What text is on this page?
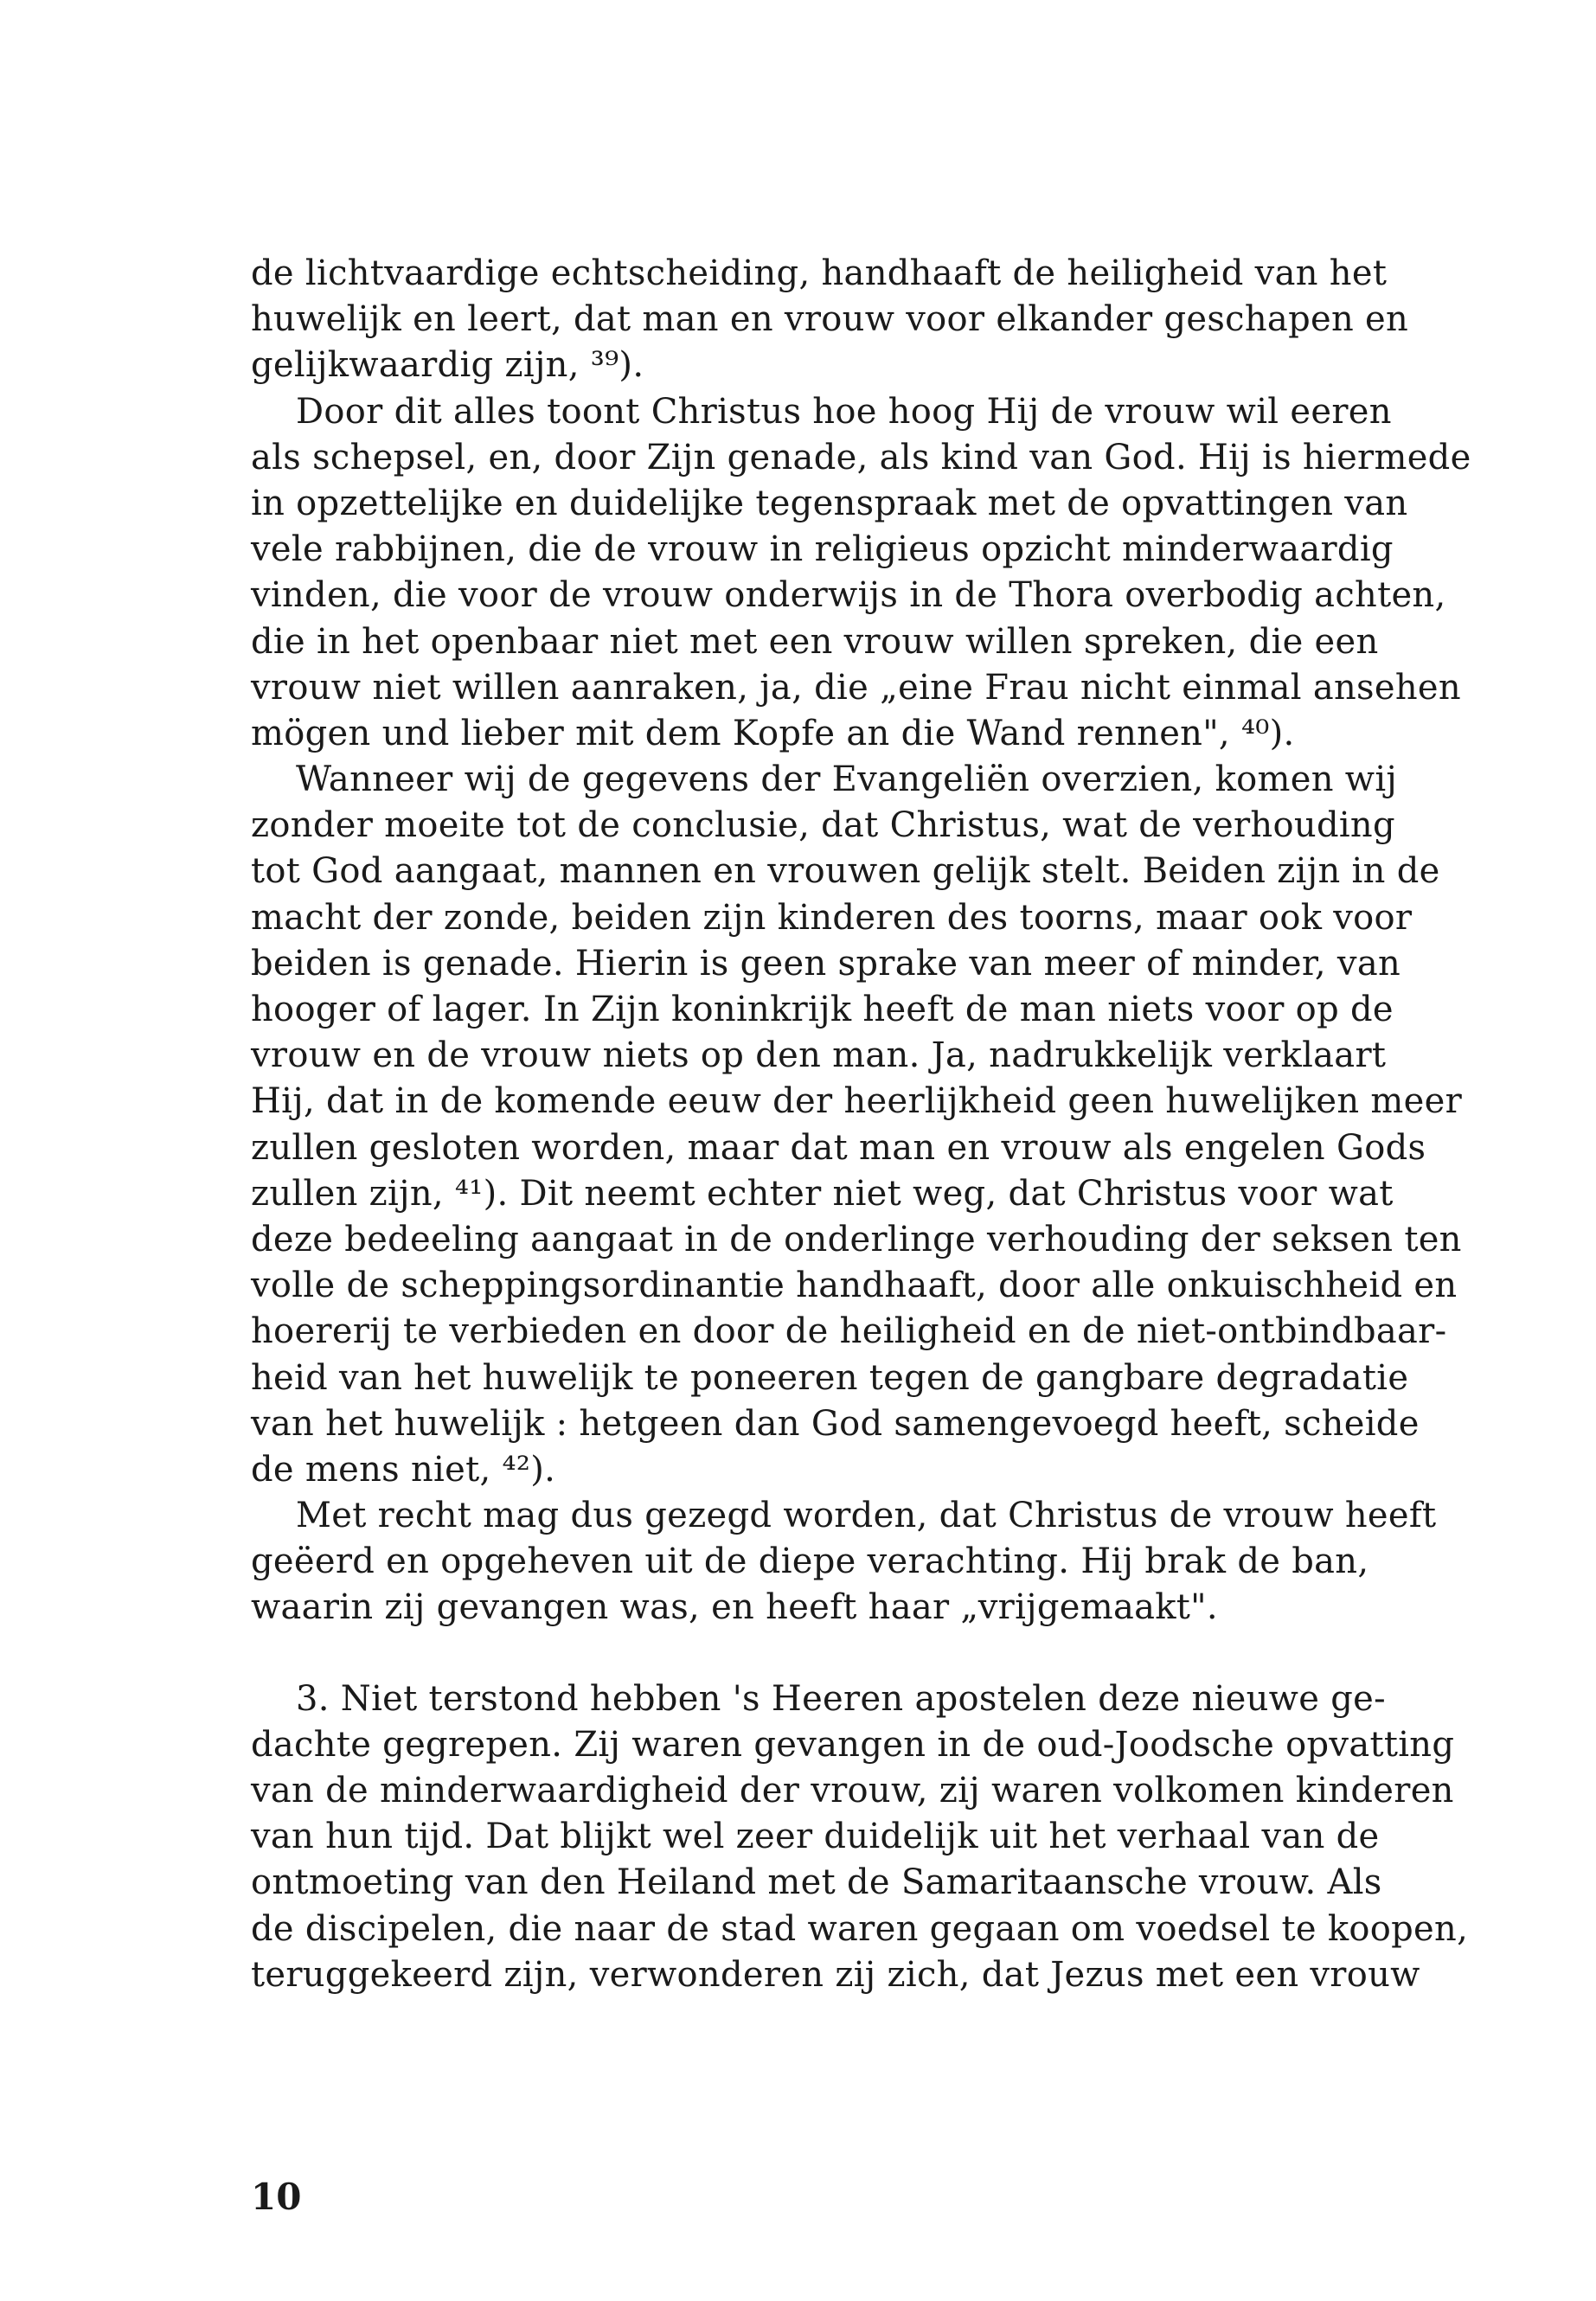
de lichtvaardige echtscheiding, handhaaft de heiligheid van het
huwelijk en leert, dat man en vrouw voor elkander geschapen en
gelijkwaardig zijn, ³⁹).
Door dit alles toont Christus hoe hoog Hij de vrouw wil eeren
als schepsel, en, door Zijn genade, als kind van God. Hij is hiermede
in opzettelijke en duidelijke tegenspraak met de opvattingen van
vele rabbijnen, die de vrouw in religieus opzicht minderwaardig
vinden, die voor de vrouw onderwijs in de Thora overbodig achten,
die in het openbaar niet met een vrouw willen spreken, die een
vrouw niet willen aanraken, ja, die „eine Frau nicht einmal ansehen
mögen und lieber mit dem Kopfe an die Wand rennen", ⁴⁰).
Wanneer wij de gegevens der Evangeliën overzien, komen wij
zonder moeite tot de conclusie, dat Christus, wat de verhouding
tot God aangaat, mannen en vrouwen gelijk stelt. Beiden zijn in de
macht der zonde, beiden zijn kinderen des toorns, maar ook voor
beiden is genade. Hierin is geen sprake van meer of minder, van
hooger of lager. In Zijn koninkrijk heeft de man niets voor op de
vrouw en de vrouw niets op den man. Ja, nadrukkelijk verklaart
Hij, dat in de komende eeuw der heerlijkheid geen huwelijken meer
zullen gesloten worden, maar dat man en vrouw als engelen Gods
zullen zijn, ⁴¹). Dit neemt echter niet weg, dat Christus voor wat
deze bedeeling aangaat in de onderlinge verhouding der seksen ten
volle de scheppingsordinantie handhaaft, door alle onkuischheid en
hoererij te verbieden en door de heiligheid en de niet-ontbindbaar-
heid van het huwelijk te poneeren tegen de gangbare degradatie
van het huwelijk : hetgeen dan God samengevoegd heeft, scheide
de mens niet, ⁴²).
Met recht mag dus gezegd worden, dat Christus de vrouw heeft
geëerd en opgeheven uit de diepe verachting. Hij brak de ban,
waarin zij gevangen was, en heeft haar „vrijgemaakt".
3. Niet terstond hebben 's Heeren apostelen deze nieuwe ge-
dachte gegrepen. Zij waren gevangen in de oud-Joodsche opvatting
van de minderwaardigheid der vrouw, zij waren volkomen kinderen
van hun tijd. Dat blijkt wel zeer duidelijk uit het verhaal van de
ontmoeting van den Heiland met de Samaritaansche vrouw. Als
de discipelen, die naar de stad waren gegaan om voedsel te koopen,
teruggekeerd zijn, verwonderen zij zich, dat Jezus met een vrouw
10
